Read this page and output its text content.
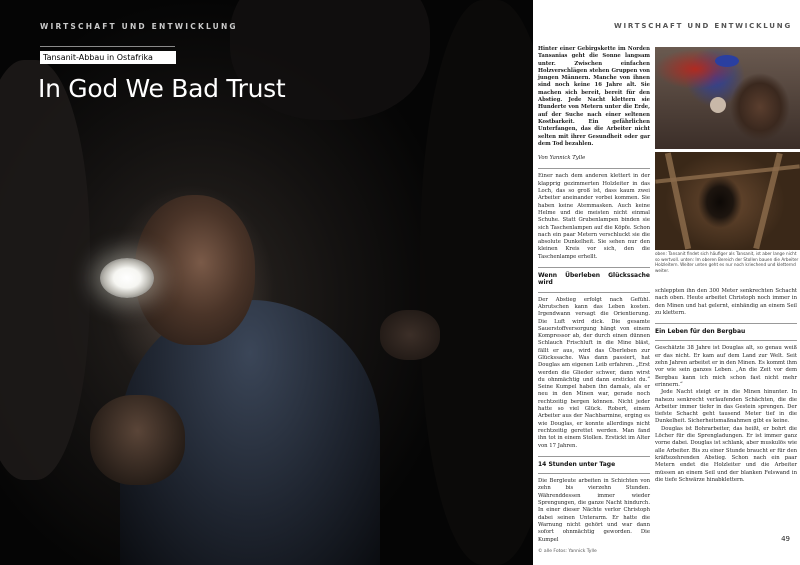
WIRTSCHAFT UND ENTWICKLUNG
Tansanit-Abbau in Ostafrika
In God We Bad Trust
WIRTSCHAFT UND ENTWICKLUNG

Hinter einer Gebirgskette im Norden Tansanias geht die Sonne langsam unter. Zwischen einfachen Holzverschlägen stehen Gruppen von jungen Männern. Manche von ihnen sind noch keine 16 Jahre alt. Sie machen sich bereit, bereit für den Abstieg. Jede Nacht klettern sie Hunderte von Metern unter die Erde, auf der Suche nach einer seltenen Kostbarkeit. Ein gefährlichen Unterfangen, das die Arbeiter nicht selten mit ihrer Gesundheit oder gar dem Tod bezahlen.

Von Yannick Tylle

Einer nach dem anderen klettert in der klapprig gezimmerten Holzleiter in das Loch, das so groß ist, dass kaum zwei Arbeiter aneinander vorbei kommen. Sie haben keine Atemmasken. Auch keine Helme und die meisten nicht einmal Schuhe. Statt Grubenlampen binden sie sich Taschenlampen auf die Köpfe. Schon nach ein paar Metern verschluckt sie die absolute Dunkelheit. Sie sehen nur den kleinen Kreis vor sich, den die Taschenlampe erhellt.

Wenn Überleben Glückssache wird

Der Abstieg erfolgt nach Gefühl. Abrutschen kann das Leben kosten. Irgendwann versagt die Orientierung. Die Luft wird dick. Die gesamte Sauerstoffversorgung hängt von einem Kompressor ab, der durch einen dünnen Schlauch Frischluft in die Mine bläst, fällt er aus, wird das Überleben zur Glückssache. Was dann passiert, hat Douglas am eigenen Leib erfahren. „Erst werden die Glieder schwer, dann wirst du ohnmächtig und dann erstickst du.“ Seine Kumpel haben ihn damals, als er neu in den Minen war, gerade noch rechtzeitig bergen können. Nicht jeder hatte so viel Glück. Robert, einem Arbeiter aus der Nachbarmine, erging es wie Douglas, er konnte allerdings nicht rechtzeitig gerettet werden. Man fand ihn tot in einem Stollen. Erstickt im Alter von 17 Jahren.

14 Stunden unter Tage

Die Bergleute arbeiten in Schichten von zehn bis vierzehn Stunden. Währenddessen immer wieder Sprengungen, die ganze Nacht hindurch. In einer dieser Nächte verlor Christoph dabei seinen Unterarm. Er hatte die Warnung nicht gehört und war dann sofort ohnmächtig geworden. Die Kumpel

oben: Tansanit findet sich häufiger als Tansanit, ist aber lange nicht so wertvoll. unten: Im oberen Bereich der Stollen bauen die Arbeiter Holzleitern. Weiter unten geht es nur noch kriechend und kletternd weiter.

schleppten ihn den 300 Meter senkrechten Schacht nach oben. Heute arbeitet Christoph noch immer in den Minen und hat gelernt, einhändig an einem Seil zu klettern.

Ein Leben für den Bergbau

Geschätzte 38 Jahre ist Douglas alt, so genau weiß er das nicht. Er kam auf dem Land zur Welt. Seit zehn Jahren arbeitet er in den Minen. Es kommt ihm vor wie sein ganzes Leben. „An die Zeit vor dem Bergbau kann ich mich schon fast nicht mehr erinnern.“

Jede Nacht steigt er in die Minen hinunter. In nahezu senkrecht verlaufenden Schächten, die die Arbeiter immer tiefer in das Gestein sprengen. Der tiefste Schacht geht tausend Meter tief in die Dunkelheit. Sicherheitsmaßnahmen gibt es keine.

Douglas ist Bohrarbeiter, das heißt, er bohrt die Löcher für die Sprengladungen. Er ist immer ganz vorne dabei. Douglas ist schlank, aber muskulös wie alle Arbeiter. Bis zu einer Stunde braucht er für den kräftezehrenden Abstieg. Schon nach ein paar Metern endet die Holzleiter und die Arbeiter müssen an einem Seil und der blanken Felswand in die tiefe Schwärze hinabklettern.

© alle Fotos: Yannick Tylle
49
